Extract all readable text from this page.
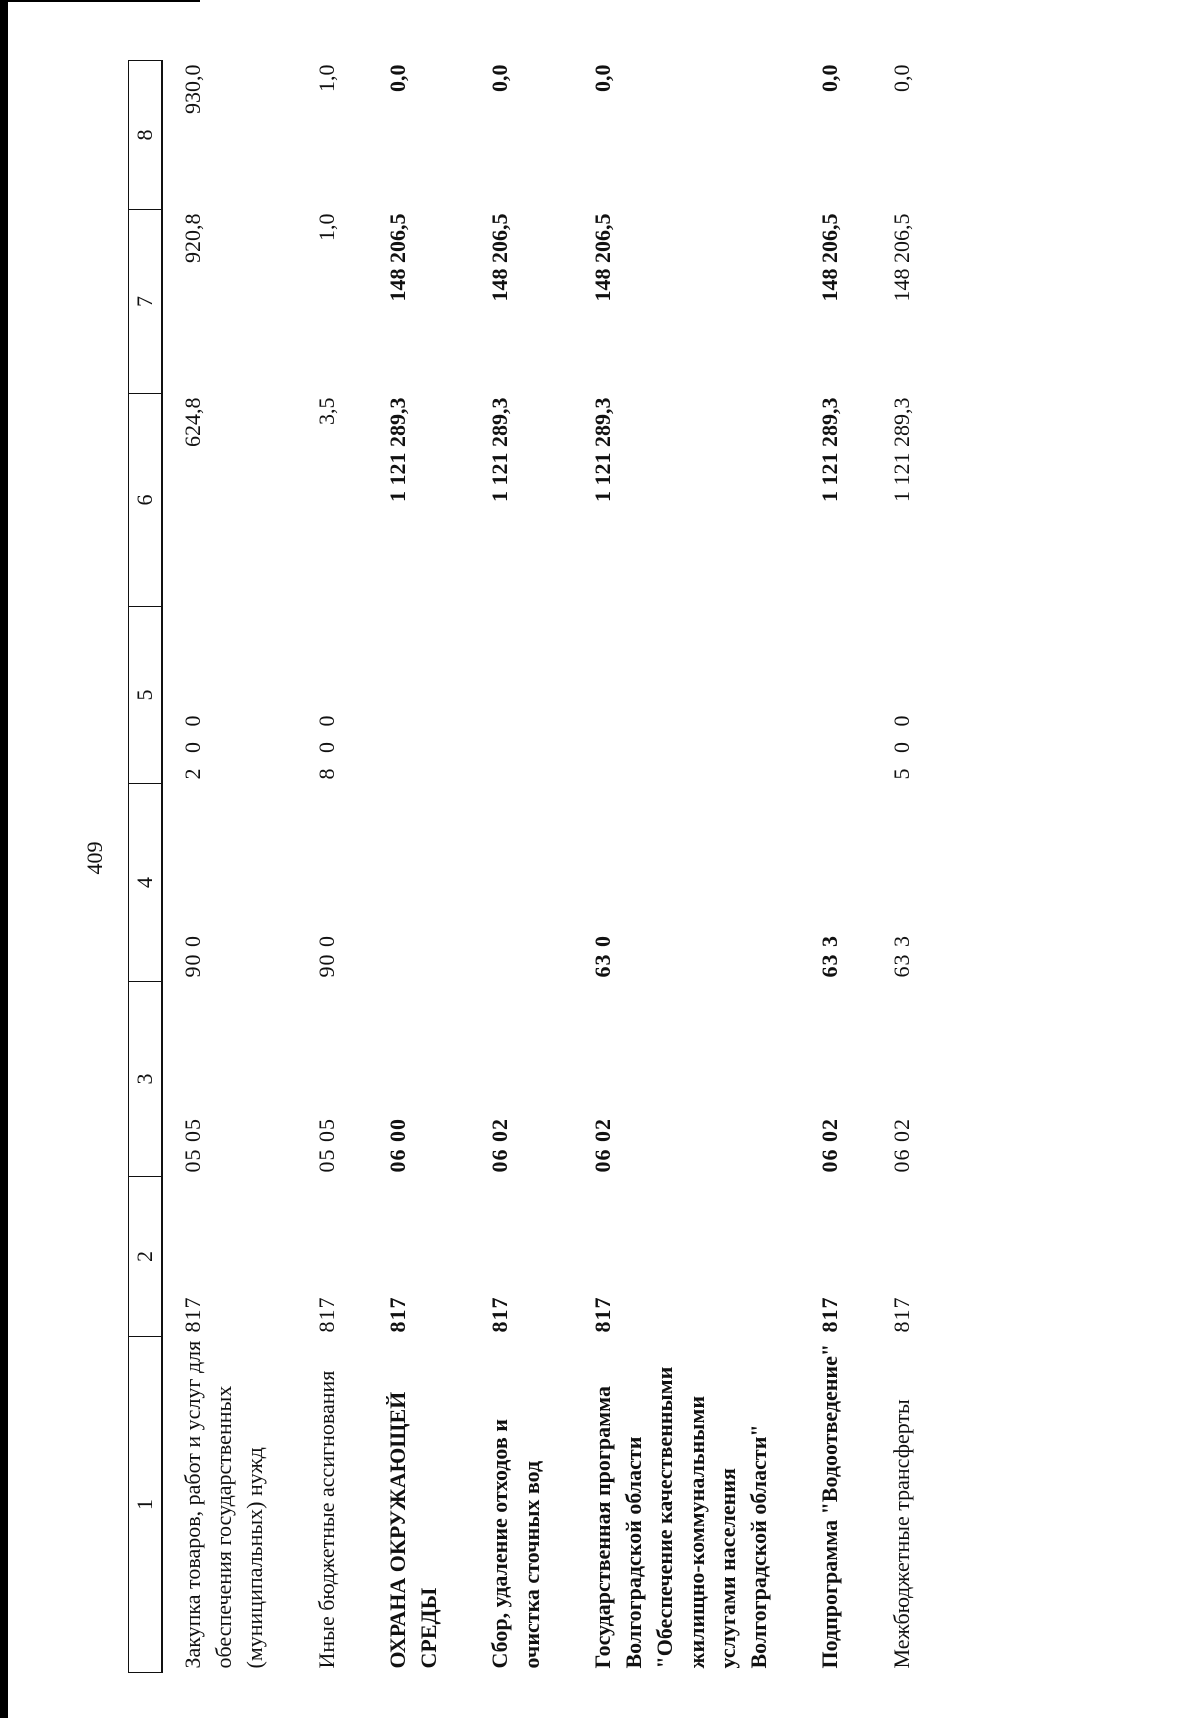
409
1	2	3	4	5	6	7	8
Закупка товаров, работ и услуг для обеспечения государственных (муниципальных) нужд	817	05 05	90 0	2 0 0	624,8	920,8	930,0
Иные бюджетные ассигнования	817	05 05	90 0	8 0 0	3,5	1,0	1,0
ОХРАНА ОКРУЖАЮЩЕЙ СРЕДЫ	817	06 00			1 121 289,3	148 206,5	0,0
Сбор, удаление отходов и очистка сточных вод	817	06 02			1 121 289,3	148 206,5	0,0
Государственная программа Волгоградской области "Обеспечение качественными жилищно-коммунальными услугами населения Волгоградской области"	817	06 02	63 0		1 121 289,3	148 206,5	0,0
Подпрограмма "Водоотведение"	817	06 02	63 3		1 121 289,3	148 206,5	0,0
Межбюджетные трансферты	817	06 02	63 3	5 0 0	1 121 289,3	148 206,5	0,0
